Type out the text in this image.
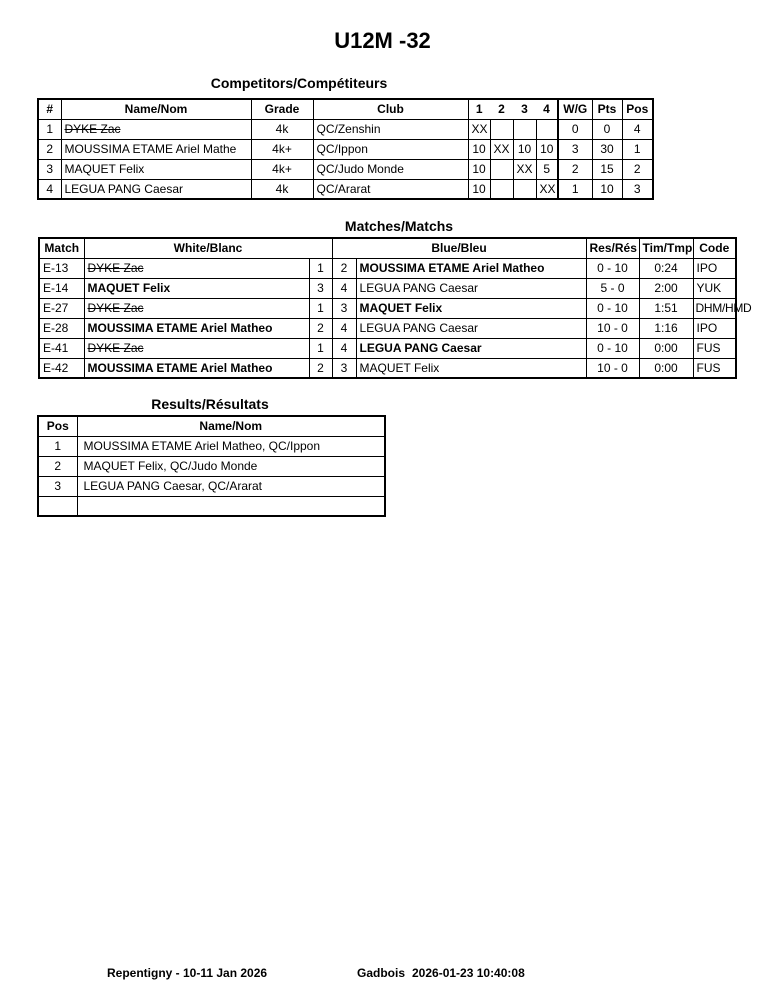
U12M -32
Competitors/Compétiteurs
#	Name/Nom	Grade	Club	1	2	3	4	W/G	Pts	Pos
1	DYKE Zac	4k	QC/Zenshin	XX				0	0	4
2	MOUSSIMA ETAME Ariel Mathe	4k+	QC/Ippon	10	XX	10	10	3	30	1
3	MAQUET Felix	4k+	QC/Judo Monde	10		XX	5	2	15	2
4	LEGUA PANG Caesar	4k	QC/Ararat	10			XX	1	10	3
Matches/Matchs
Match	White/Blanc		Blue/Bleu		Res/Rés	Tim/Tmp	Code
E-13	DYKE Zac	1	2	MOUSSIMA ETAME Ariel Matheo	0 - 10	0:24	IPO
E-14	MAQUET Felix	3	4	LEGUA PANG Caesar	5 - 0	2:00	YUK
E-27	DYKE Zac	1	3	MAQUET Felix	0 - 10	1:51	DHM/HMD
E-28	MOUSSIMA ETAME Ariel Matheo	2	4	LEGUA PANG Caesar	10 - 0	1:16	IPO
E-41	DYKE Zac	1	4	LEGUA PANG Caesar	0 - 10	0:00	FUS
E-42	MOUSSIMA ETAME Ariel Matheo	2	3	MAQUET Felix	10 - 0	0:00	FUS
Results/Résultats
Pos	Name/Nom
1	MOUSSIMA ETAME Ariel Matheo, QC/Ippon
2	MAQUET Felix, QC/Judo Monde
3	LEGUA PANG Caesar, QC/Ararat

Repentigny - 10-11 Jan 2026	Gadbois 2026-01-23 10:40:08
